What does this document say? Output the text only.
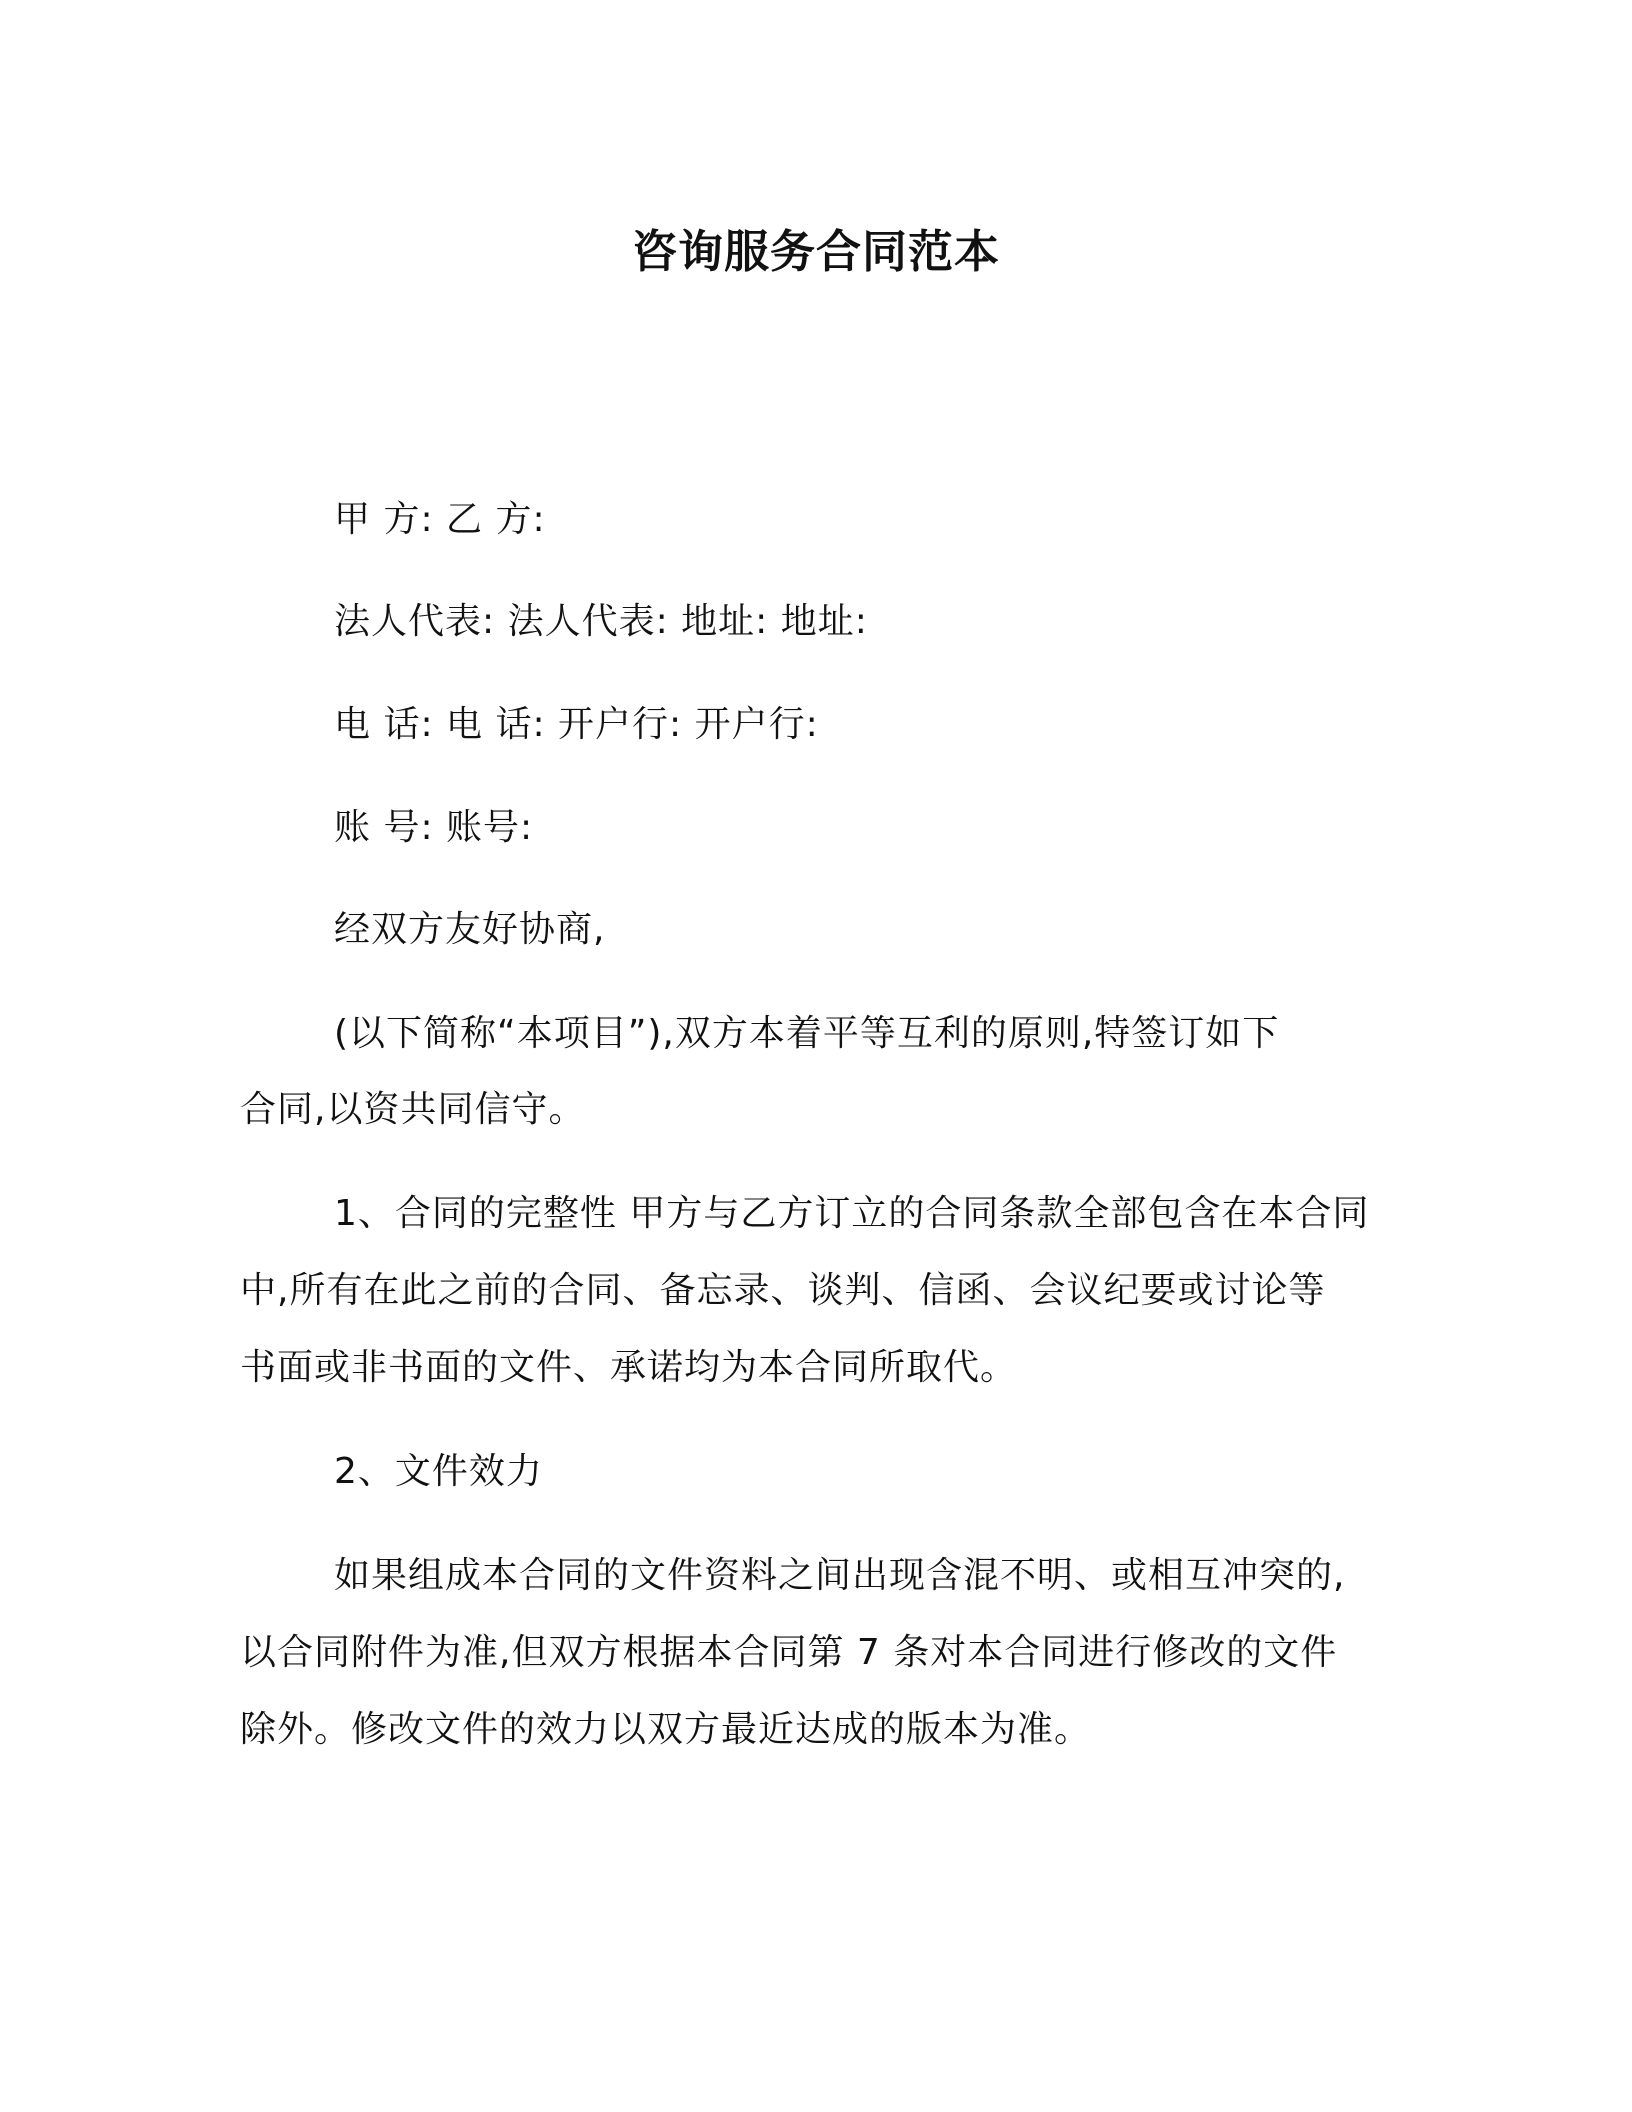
咨询服务合同范本
甲 方: 乙 方:
法人代表: 法人代表: 地址: 地址:
电 话: 电 话: 开户行: 开户行:
账 号: 账号:
经双方友好协商,
(以下简称“本项目”),双方本着平等互利的原则,特签订如下
合同,以资共同信守。
1、合同的完整性 甲方与乙方订立的合同条款全部包含在本合同
中,所有在此之前的合同、备忘录、谈判、信函、会议纪要或讨论等
书面或非书面的文件、承诺均为本合同所取代。
2、文件效力
如果组成本合同的文件资料之间出现含混不明、或相互冲突的,
以合同附件为准,但双方根据本合同第 7 条对本合同进行修改的文件
除外。修改文件的效力以双方最近达成的版本为准。
